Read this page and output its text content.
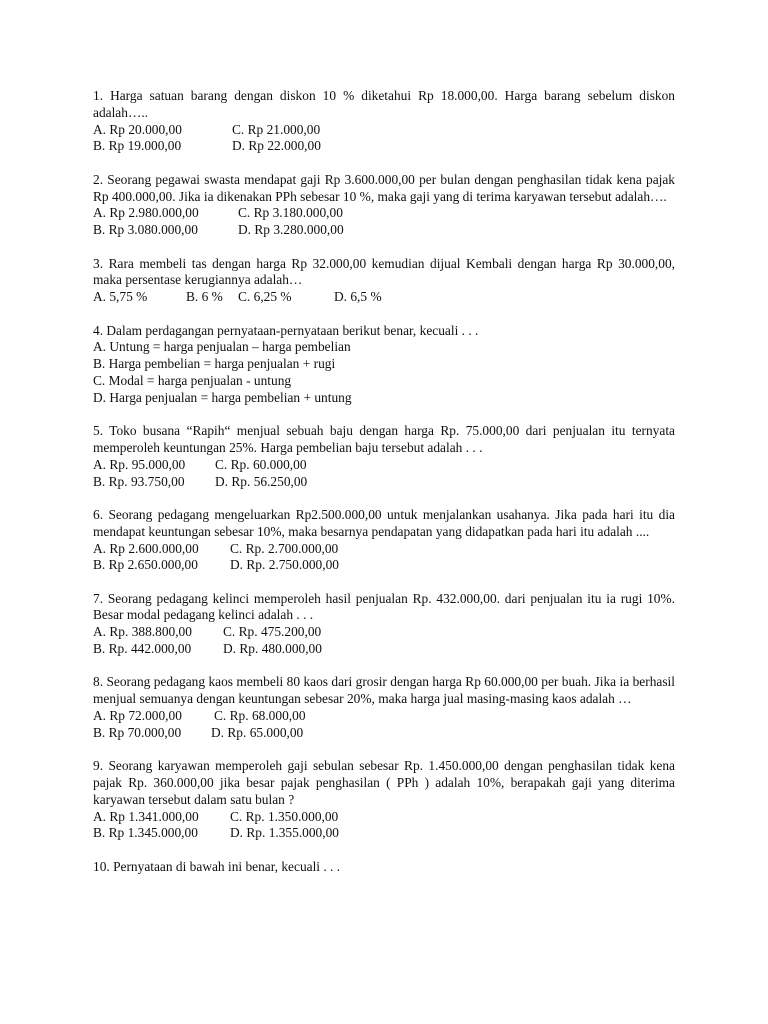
1. Harga satuan barang dengan diskon 10 % diketahui Rp 18.000,00. Harga barang sebelum diskon adalah…..

A. Rp 20.000,00	C. Rp 21.000,00
B. Rp 19.000,00	D. Rp 22.000,00

2. Seorang pegawai swasta mendapat gaji Rp 3.600.000,00 per bulan dengan penghasilan tidak kena pajak Rp 400.000,00. Jika ia dikenakan PPh sebesar 10 %, maka gaji yang di terima karyawan tersebut adalah….

A. Rp 2.980.000,00	C. Rp 3.180.000,00
B. Rp 3.080.000,00	D. Rp 3.280.000,00

3. Rara membeli tas dengan harga Rp 32.000,00 kemudian dijual Kembali dengan harga Rp 30.000,00, maka persentase kerugiannya adalah…

A. 5,75 %	B. 6 %	C. 6,25 %	D. 6,5 %

4. Dalam perdagangan pernyataan-pernyataan berikut benar, kecuali . . .

A. Untung = harga penjualan – harga pembelian
B. Harga pembelian = harga penjualan + rugi
C. Modal = harga penjualan - untung
D. Harga penjualan = harga pembelian + untung

5. Toko busana “Rapih“ menjual sebuah baju dengan harga Rp. 75.000,00 dari penjualan itu ternyata memperoleh keuntungan 25%. Harga pembelian baju tersebut adalah . . .

A. Rp. 95.000,00	C. Rp. 60.000,00
B. Rp. 93.750,00	D. Rp. 56.250,00

6. Seorang pedagang mengeluarkan Rp2.500.000,00 untuk menjalankan usahanya. Jika pada hari itu dia mendapat keuntungan sebesar 10%, maka besarnya pendapatan yang didapatkan pada hari itu adalah ....

A. Rp 2.600.000,00	C. Rp. 2.700.000,00
B. Rp 2.650.000,00	D. Rp. 2.750.000,00

7. Seorang pedagang kelinci memperoleh hasil penjualan Rp. 432.000,00. dari penjualan itu ia rugi 10%. Besar modal pedagang kelinci adalah . . .

A. Rp. 388.800,00	C. Rp. 475.200,00
B. Rp. 442.000,00	D. Rp. 480.000,00

8. Seorang pedagang kaos membeli 80 kaos dari grosir dengan harga Rp 60.000,00 per buah. Jika ia berhasil menjual semuanya dengan keuntungan sebesar 20%, maka harga jual masing-masing kaos adalah …

A. Rp 72.000,00	C. Rp. 68.000,00
B. Rp 70.000,00	D. Rp. 65.000,00

9. Seorang karyawan memperoleh gaji sebulan sebesar Rp. 1.450.000,00 dengan penghasilan tidak kena pajak Rp. 360.000,00 jika besar pajak penghasilan ( PPh ) adalah 10%, berapakah gaji yang diterima karyawan tersebut dalam satu bulan ?

A. Rp 1.341.000,00	C. Rp. 1.350.000,00
B. Rp 1.345.000,00	D. Rp. 1.355.000,00

10. Pernyataan di bawah ini benar, kecuali . . .
